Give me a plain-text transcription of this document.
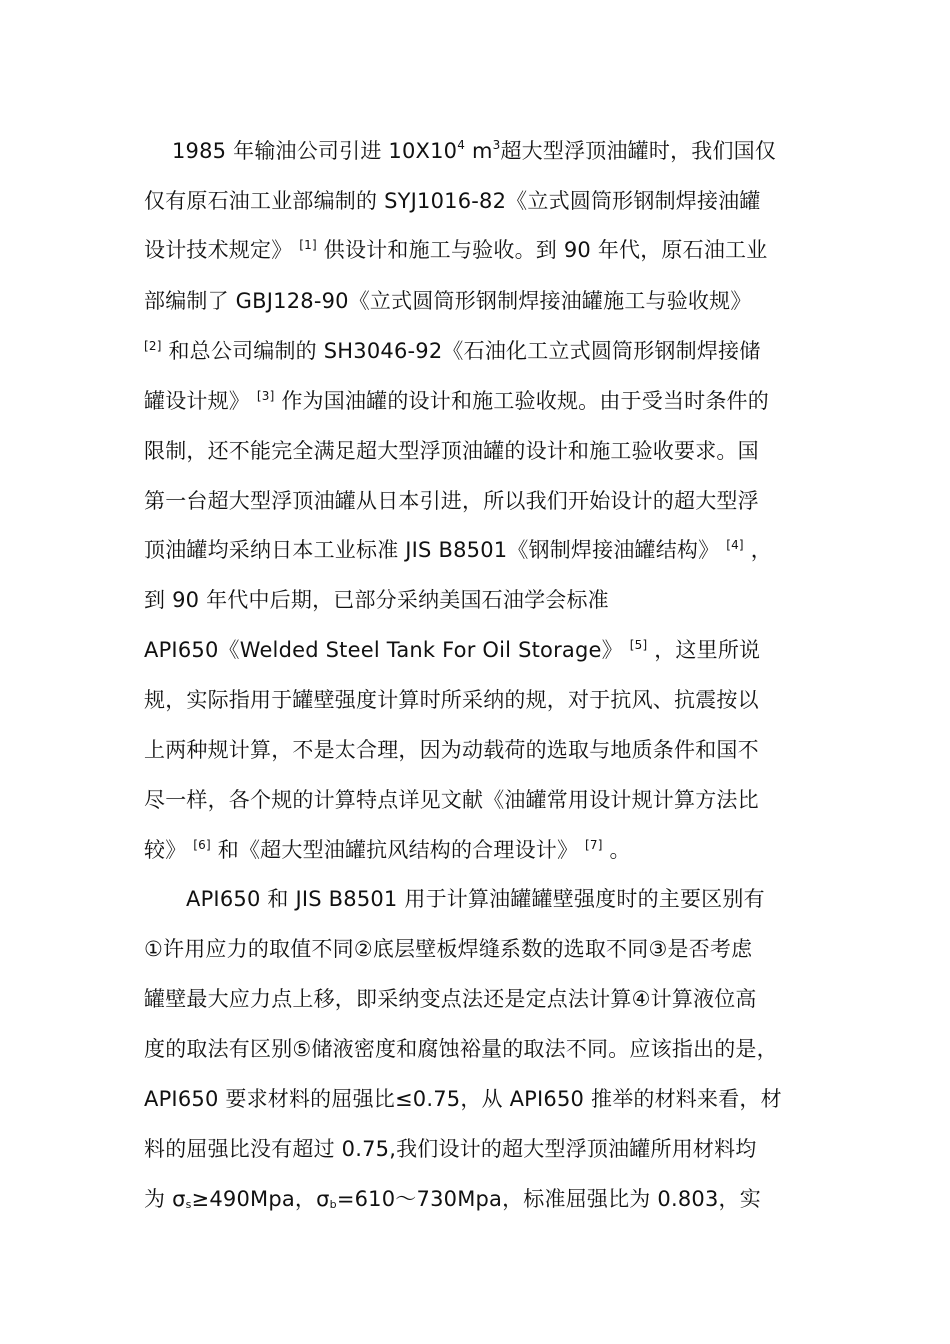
1985 年输油公司引进 $10X10^4$ $m^3$超大型浮顶油罐时，我们国仅
仅有原石油工业部编制的 SYJ1016-82《立式圆筒形钢制焊接油罐
设计技术规定》 [1] 供设计和施工与验收。到 90 年代，原石油工业
部编制了 GBJ128-90《立式圆筒形钢制焊接油罐施工与验收规》
[2] 和总公司编制的 SH3046-92《石油化工立式圆筒形钢制焊接储
罐设计规》 [3] 作为国油罐的设计和施工验收规。由于受当时条件的
限制，还不能完全满足超大型浮顶油罐的设计和施工验收要求。国
第一台超大型浮顶油罐从日本引进，所以我们开始设计的超大型浮
顶油罐均采纳日本工业标准 JIS B8501《钢制焊接油罐结构》 [4] ，
到 90 年代中后期，已部分采纳美国石油学会标准
API650《Welded Steel Tank For Oil Storage》 [5] ，这里所说
规，实际指用于罐壁强度计算时所采纳的规，对于抗风、抗震按以
上两种规计算，不是太合理，因为动载荷的选取与地质条件和国不
尽一样，各个规的计算特点详见文献《油罐常用设计规计算方法比
较》 [6] 和《超大型油罐抗风结构的合理设计》 [7] 。
API650 和 JIS B8501 用于计算油罐罐壁强度时的主要区别有
①许用应力的取值不同②底层壁板焊缝系数的选取不同③是否考虑
罐壁最大应力点上移，即采纳变点法还是定点法计算④计算液位高
度的取法有区别⑤储液密度和腐蚀裕量的取法不同。应该指出的是，
API650 要求材料的屈强比≤0.75，从 API650 推举的材料来看，材
料的屈强比没有超过 0.75,我们设计的超大型浮顶油罐所用材料均
为 σs≥490Mpa，σb=610～730Mpa，标准屈强比为 0.803，实
